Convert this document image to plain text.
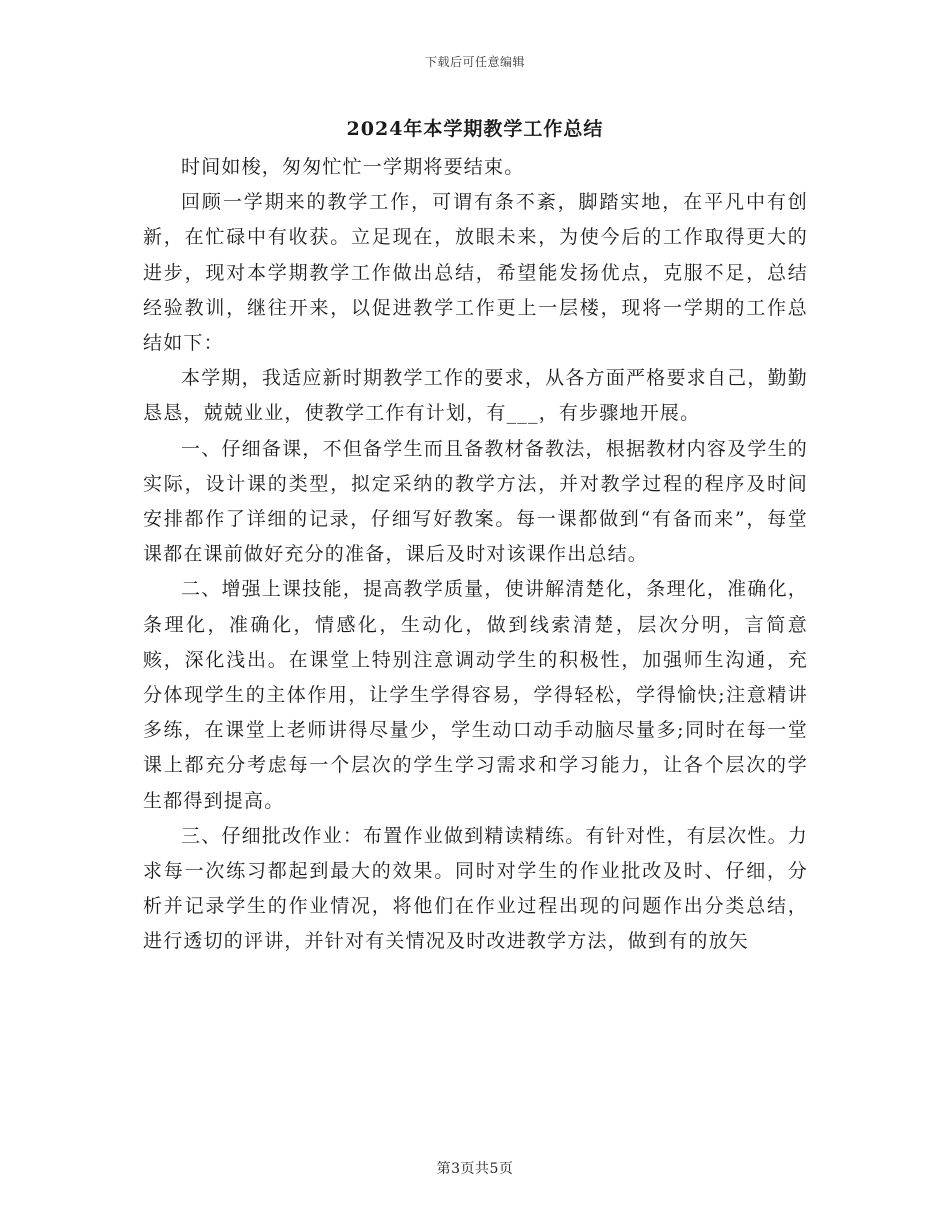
下载后可任意编辑
2024年本学期教学工作总结

时间如梭，匆匆忙忙一学期将要结束。

回顾一学期来的教学工作，可谓有条不紊，脚踏实地，在平凡中有创新，在忙碌中有收获。立足现在，放眼未来，为使今后的工作取得更大的进步，现对本学期教学工作做出总结，希望能发扬优点，克服不足，总结经验教训，继往开来，以促进教学工作更上一层楼，现将一学期的工作总结如下：

本学期，我适应新时期教学工作的要求，从各方面严格要求自己，勤勤恳恳，兢兢业业，使教学工作有计划，有___，有步骤地开展。

一、仔细备课，不但备学生而且备教材备教法，根据教材内容及学生的实际，设计课的类型，拟定采纳的教学方法，并对教学过程的程序及时间安排都作了详细的记录，仔细写好教案。每一课都做到“有备而来”，每堂课都在课前做好充分的准备，课后及时对该课作出总结。

二、增强上课技能，提高教学质量，使讲解清楚化，条理化，准确化，条理化，准确化，情感化，生动化，做到线索清楚，层次分明，言简意赅，深化浅出。在课堂上特别注意调动学生的积极性，加强师生沟通，充分体现学生的主体作用，让学生学得容易，学得轻松，学得愉快;注意精讲多练，在课堂上老师讲得尽量少，学生动口动手动脑尽量多;同时在每一堂课上都充分考虑每一个层次的学生学习需求和学习能力，让各个层次的学生都得到提高。

三、仔细批改作业：布置作业做到精读精练。有针对性，有层次性。力求每一次练习都起到最大的效果。同时对学生的作业批改及时、仔细，分析并记录学生的作业情况，将他们在作业过程出现的问题作出分类总结，进行透切的评讲，并针对有关情况及时改进教学方法，做到有的放矢

第3页共5页
